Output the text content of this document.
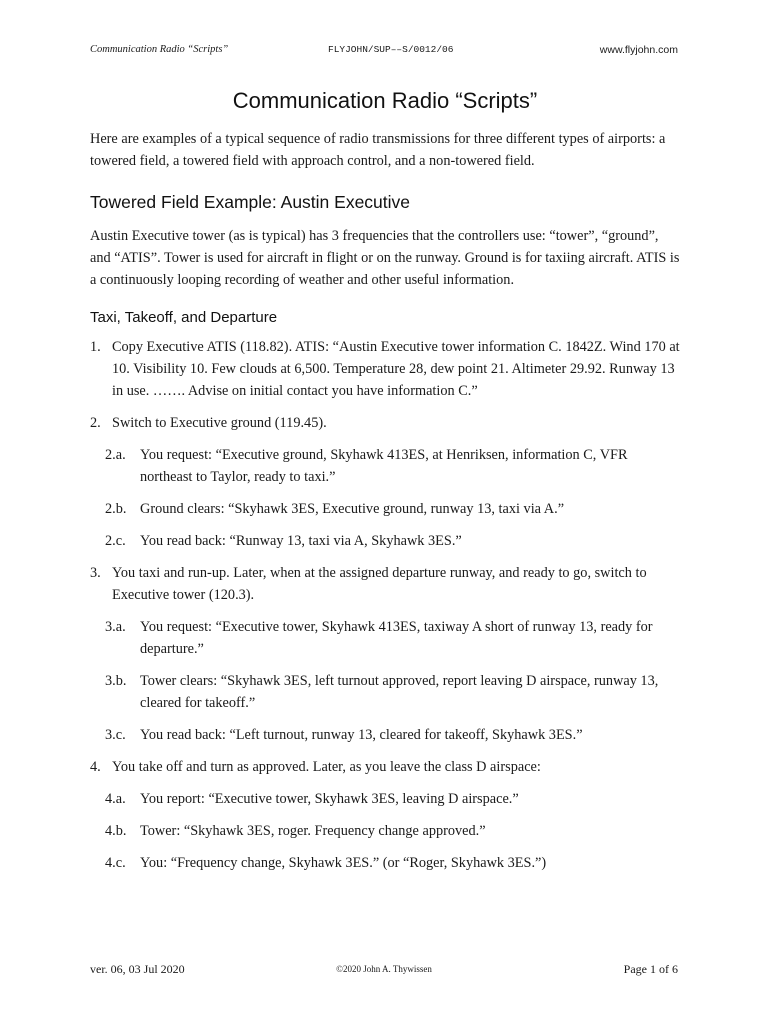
Communication Radio “Scripts”	FLYJOHN/SUP––S/0012/06	www.flyjohn.com
Communication Radio “Scripts”

Here are examples of a typical sequence of radio transmissions for three different types of airports: a towered field, a towered field with approach control, and a non-towered field.

Towered Field Example: Austin Executive

Austin Executive tower (as is typical) has 3 frequencies that the controllers use: “tower”, “ground”, and “ATIS”. Tower is used for aircraft in flight or on the runway. Ground is for taxiing aircraft. ATIS is a continuously looping recording of weather and other useful information.

Taxi, Takeoff, and Departure
1. Copy Executive ATIS (118.82). ATIS: “Austin Executive tower information C. 1842Z. Wind 170 at 10. Visibility 10. Few clouds at 6,500. Temperature 28, dew point 21. Altimeter 29.92. Runway 13 in use. ……. Advise on initial contact you have information C.”
2. Switch to Executive ground (119.45).
2.a. You request: “Executive ground, Skyhawk 413ES, at Henriksen, information C, VFR northeast to Taylor, ready to taxi.”
2.b. Ground clears: “Skyhawk 3ES, Executive ground, runway 13, taxi via A.”
2.c. You read back: “Runway 13, taxi via A, Skyhawk 3ES.”
3. You taxi and run-up. Later, when at the assigned departure runway, and ready to go, switch to Executive tower (120.3).
3.a. You request: “Executive tower, Skyhawk 413ES, taxiway A short of runway 13, ready for departure.”
3.b. Tower clears: “Skyhawk 3ES, left turnout approved, report leaving D airspace, runway 13, cleared for takeoff.”
3.c. You read back: “Left turnout, runway 13, cleared for takeoff, Skyhawk 3ES.”
4. You take off and turn as approved. Later, as you leave the class D airspace:
4.a. You report: “Executive tower, Skyhawk 3ES, leaving D airspace.”
4.b. Tower: “Skyhawk 3ES, roger. Frequency change approved.”
4.c. You: “Frequency change, Skyhawk 3ES.” (or “Roger, Skyhawk 3ES.”)
ver. 06, 03 Jul 2020	©2020 John A. Thywissen	Page 1 of 6
